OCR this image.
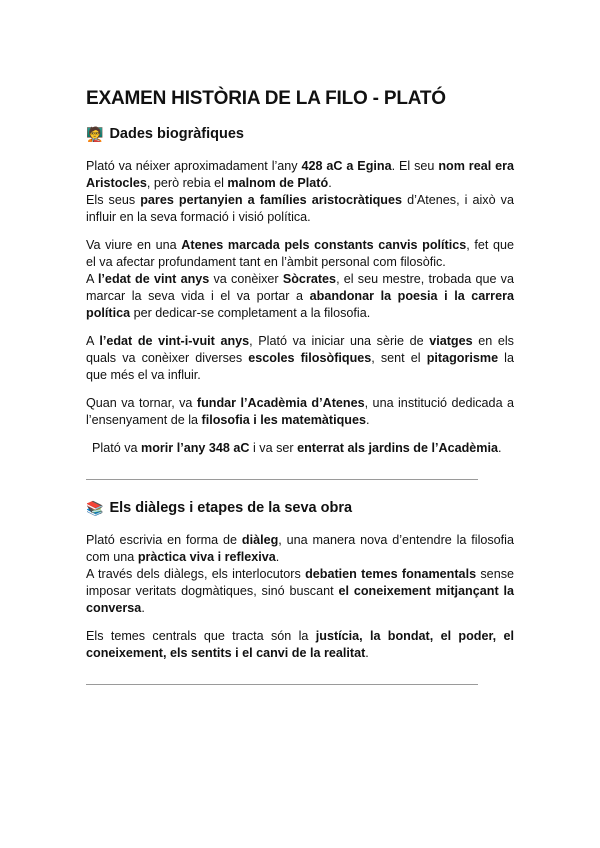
EXAMEN HISTÒRIA DE LA FILO - PLATÓ
🧑‍🏫 Dades biogràfiques

Plató va néixer aproximadament l’any 428 aC a Egina. El seu nom real era Aristocles, però rebia el malnom de Plató.
Els seus pares pertanyien a famílies aristocràtiques d’Atenes, i això va influir en la seva formació i visió política.

Va viure en una Atenes marcada pels constants canvis polítics, fet que el va afectar profundament tant en l’àmbit personal com filosòfic.
A l’edat de vint anys va conèixer Sòcrates, el seu mestre, trobada que va marcar la seva vida i el va portar a abandonar la poesia i la carrera política per dedicar-se completament a la filosofia.

A l’edat de vint-i-vuit anys, Plató va iniciar una sèrie de viatges en els quals va conèixer diverses escoles filosòfiques, sent el pitagorisme la que més el va influir.

Quan va tornar, va fundar l’Acadèmia d’Atenes, una institució dedicada a l’ensenyament de la filosofia i les matemàtiques.

Plató va morir l’any 348 aC i va ser enterrat als jardins de l’Acadèmia.

📚 Els diàlegs i etapes de la seva obra

Plató escrivia en forma de diàleg, una manera nova d’entendre la filosofia com una pràctica viva i reflexiva.
A través dels diàlegs, els interlocutors debatien temes fonamentals sense imposar veritats dogmàtiques, sinó buscant el coneixement mitjançant la conversa.

Els temes centrals que tracta són la justícia, la bondat, el poder, el coneixement, els sentits i el canvi de la realitat.
